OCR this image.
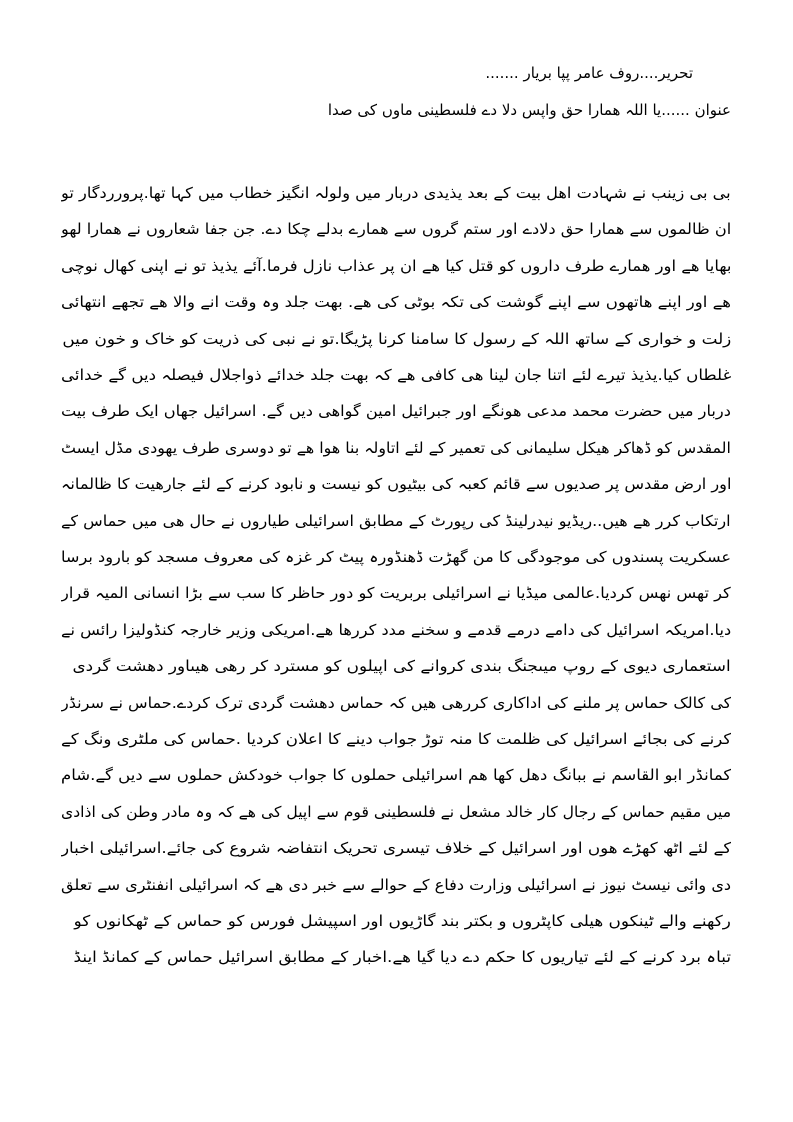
تحریر....روف عامر پپا بریار .......
عنوان ......یا اللہ ھمارا حق واپس دلا دے فلسطینی ماوں کی صدا
بی بی زینب نے شہادت اھل بیت کے بعد یذیدی دربار میں ولولہ انگیز خطاب میں کہا تھا.پرورردگار تو
ان ظالموں سے ھمارا حق دلادے اور ستم گروں سے ھمارے بدلے چکا دے. جن جفا شعاروں نے ھمارا لھو
بھایا ھے اور ھمارے طرف داروں کو قتل کیا ھے ان پر عذاب نازل فرما.آئے یذیذ تو نے اپنی کھال نوچی
ھے اور اپنے ھاتھوں سے اپنے گوشت کی تکہ بوٹی کی ھے. بھت جلد وہ وقت انے والا ھے تجھے انتھائی
زلت و خواری کے ساتھ اللہ کے رسول کا سامنا کرنا پڑیگا.تو نے نبی کی ذریت کو خاک و خون میں
غلطاں کیا.یذیذ تیرے لئے اتنا جان لینا ھی کافی ھے کہ بھت جلد خدائے ذواجلال فیصلہ دیں گے خدائی
دربار میں حضرت محمد مدعی ھونگے اور جبرائیل امین گواھی دیں گے. اسرائیل جھاں ایک طرف بیت
المقدس کو ڈھاکر ھیکل سلیمانی کی تعمیر کے لئے اتاولہ بنا ھوا ھے تو دوسری طرف یھودی مڈل ایسٹ
اور ارض مقدس پر صدیوں سے قائم کعبہ کی بیٹیوں کو نیست و نابود کرنے کے لئے جارھیت کا ظالمانہ
ارتکاب کرر ھے ھیں..ریڈیو نیدرلینڈ کی رپورٹ کے مطابق اسرائیلی طیاروں نے حال ھی میں حماس کے
عسکریت پسندوں کی موجودگی کا من گھڑت ڈھنڈورہ پیٹ کر غزہ کی معروف مسجد کو بارود برسا
کر تھس نھس کردیا.عالمی میڈیا نے اسرائیلی بربریت کو دور حاظر کا سب سے بڑا انسانی المیہ قرار
دیا.امریکہ اسرائیل کی دامے درمے قدمے و سخنے مدد کررھا ھے.امریکی وزیر خارجہ کنڈولیزا رائس نے
استعماری دیوی کے روپ میںجنگ بندی کروانے کی اپیلوں کو مسترد کر رھی ھیںاور دھشت گردی
کی کالک حماس پر ملنے کی اداکاری کررھی ھیں کہ حماس دھشت گردی ترک کردے.حماس نے سرنڈر
کرنے کی بجائے اسرائیل کی ظلمت کا منہ توڑ جواب دینے کا اعلان کردیا .حماس کی ملٹری ونگ کے
کمانڈر ابو القاسم نے ببانگ دھل کھا ھم اسرائیلی حملوں کا جواب خودکش حملوں سے دیں گے.شام
میں مقیم حماس کے رجال کار خالد مشعل نے فلسطینی قوم سے اپیل کی ھے کہ وہ مادر وطن کی اذادی
کے لئے اٹھ کھڑے ھوں اور اسرائیل کے خلاف تیسری تحریک انتفاضہ شروع کی جائے.اسرائیلی اخبار
دی وائی نیسٹ نیوز نے اسرائیلی وزارت دفاع کے حوالے سے خبر دی ھے کہ اسرائیلی انفنٹری سے تعلق
رکھنے والے ٹینکوں ھیلی کاپٹروں و بکتر بند گاڑیوں اور اسپیشل فورس کو حماس کے ٹھکانوں کو
تباہ برد کرنے کے لئے تیاریوں کا حکم دے دیا گیا ھے.اخبار کے مطابق اسرائیل حماس کے کمانڈ اینڈ
